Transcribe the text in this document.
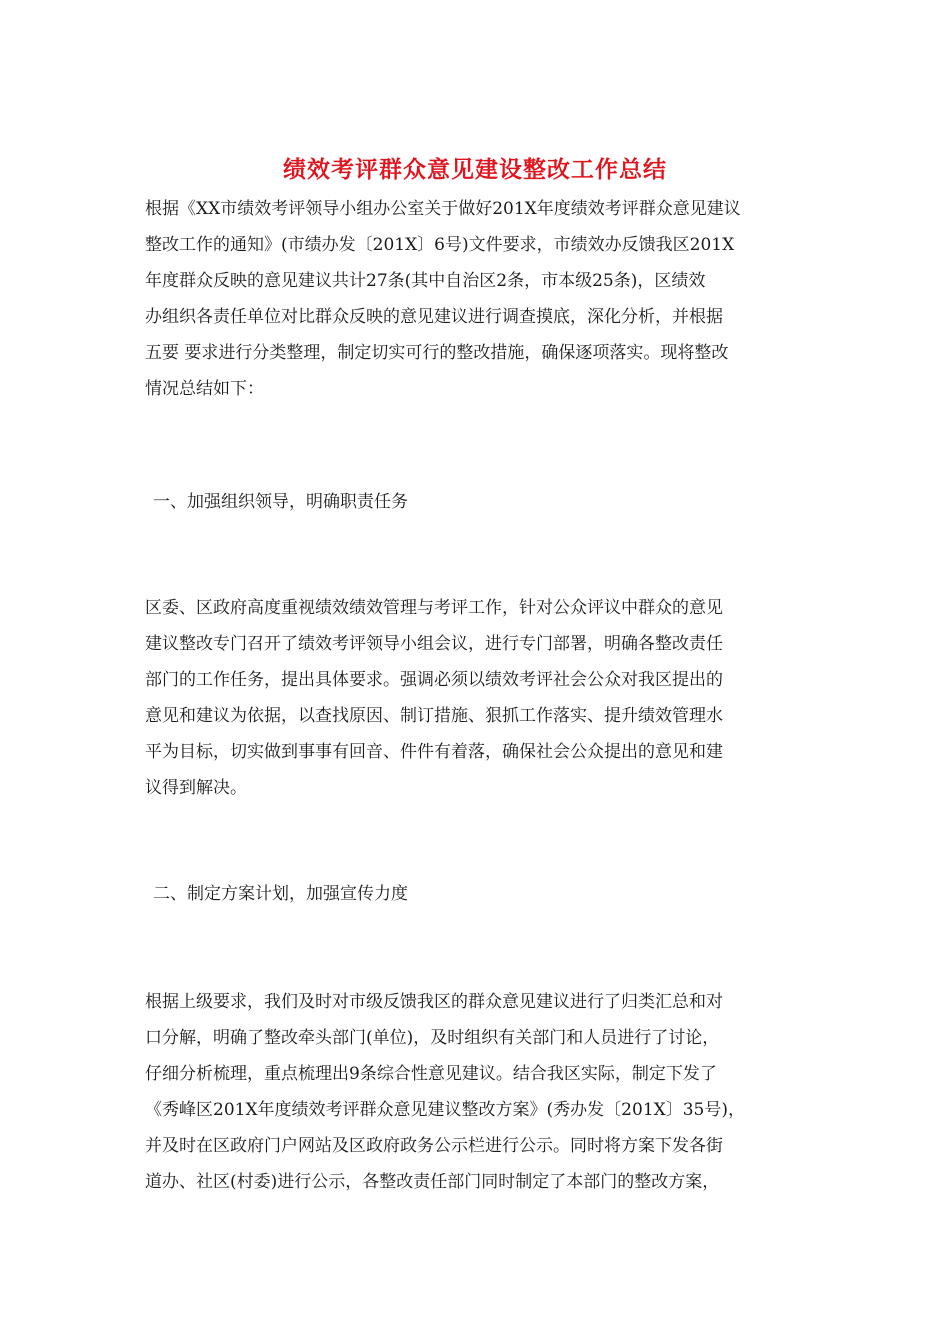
绩效考评群众意见建设整改工作总结
根据《XX市绩效考评领导小组办公室关于做好201X年度绩效考评群众意见建议
整改工作的通知》(市绩办发〔201X〕6号)文件要求，市绩效办反馈我区201X
年度群众反映的意见建议共计27条(其中自治区2条，市本级25条)，区绩效
办组织各责任单位对比群众反映的意见建议进行调查摸底，深化分析，并根据
五要 要求进行分类整理，制定切实可行的整改措施，确保逐项落实。现将整改
情况总结如下：
一、加强组织领导，明确职责任务
区委、区政府高度重视绩效绩效管理与考评工作，针对公众评议中群众的意见
建议整改专门召开了绩效考评领导小组会议，进行专门部署，明确各整改责任
部门的工作任务，提出具体要求。强调必须以绩效考评社会公众对我区提出的
意见和建议为依据，以查找原因、制订措施、狠抓工作落实、提升绩效管理水
平为目标，切实做到事事有回音、件件有着落，确保社会公众提出的意见和建
议得到解决。
二、制定方案计划，加强宣传力度
根据上级要求，我们及时对市级反馈我区的群众意见建议进行了归类汇总和对
口分解，明确了整改牵头部门(单位)，及时组织有关部门和人员进行了讨论，
仔细分析梳理，重点梳理出9条综合性意见建议。结合我区实际，制定下发了
《秀峰区201X年度绩效考评群众意见建议整改方案》(秀办发〔201X〕35号)，
并及时在区政府门户网站及区政府政务公示栏进行公示。同时将方案下发各街
道办、社区(村委)进行公示，各整改责任部门同时制定了本部门的整改方案，
